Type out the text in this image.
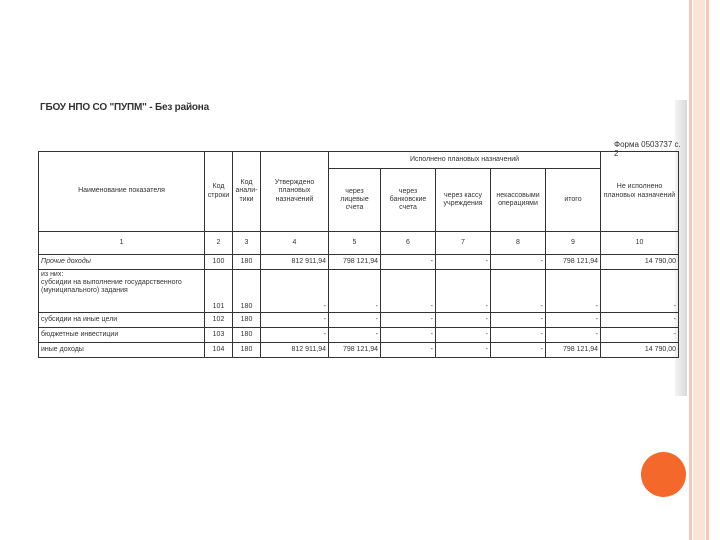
ГБОУ НПО СО "ПУПМ" - Без района
Форма 0503737 с. 2
Наименование показателя	Код строки	Код анали-тики	Утверждено плановых назначений	Исполнено плановых назначений					Не исполнено плановых назначений
				через лицевые счета	через банковские счета	через кассу учреждения	некассовыми операциями	итого	
1	2	3	4	5	6	7	8	9	10
Прочие доходы	100	180	812 911,94	798 121,94	-	-	-	798 121,94	14 790,00

из них:
субсидии на выполнение государственного (муниципального) задания	101	180	-	-	-	-	-	-	-
субсидии на иные цели	102	180	-	-	-	-	-	-	-
бюджетные инвестиции	103	180	-	-	-	-	-	-	-
иные доходы	104	180	812 911,94	798 121,94	-	-	-	798 121,94	14 790,00
